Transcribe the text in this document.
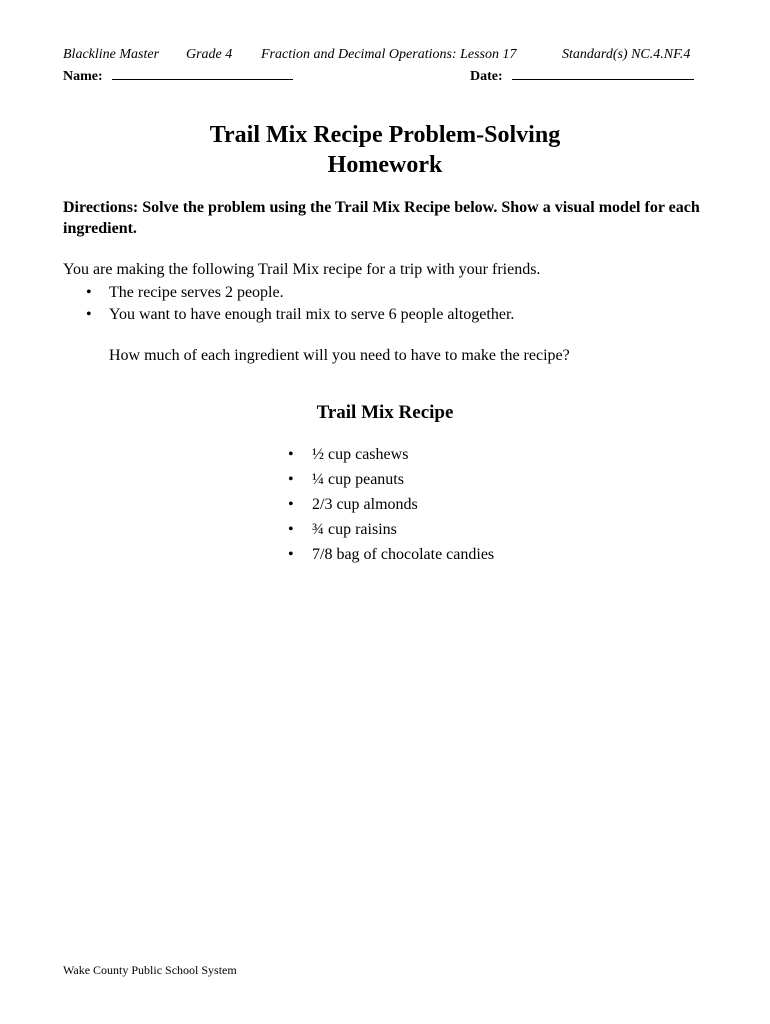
Blackline Master Grade 4 Fraction and Decimal Operations: Lesson 17	Standard(s) NC.4.NF.4
Name:	Date:
Trail Mix Recipe Problem-Solving
Homework
Directions: Solve the problem using the Trail Mix Recipe below. Show a visual model for each ingredient.
You are making the following Trail Mix recipe for a trip with your friends.
• The recipe serves 2 people.
• You want to have enough trail mix to serve 6 people altogether.
How much of each ingredient will you need to have to make the recipe?
Trail Mix Recipe
• ½ cup cashews
• ¼ cup peanuts
• 2/3 cup almonds
• ¾ cup raisins
• 7/8 bag of chocolate candies
Wake County Public School System
